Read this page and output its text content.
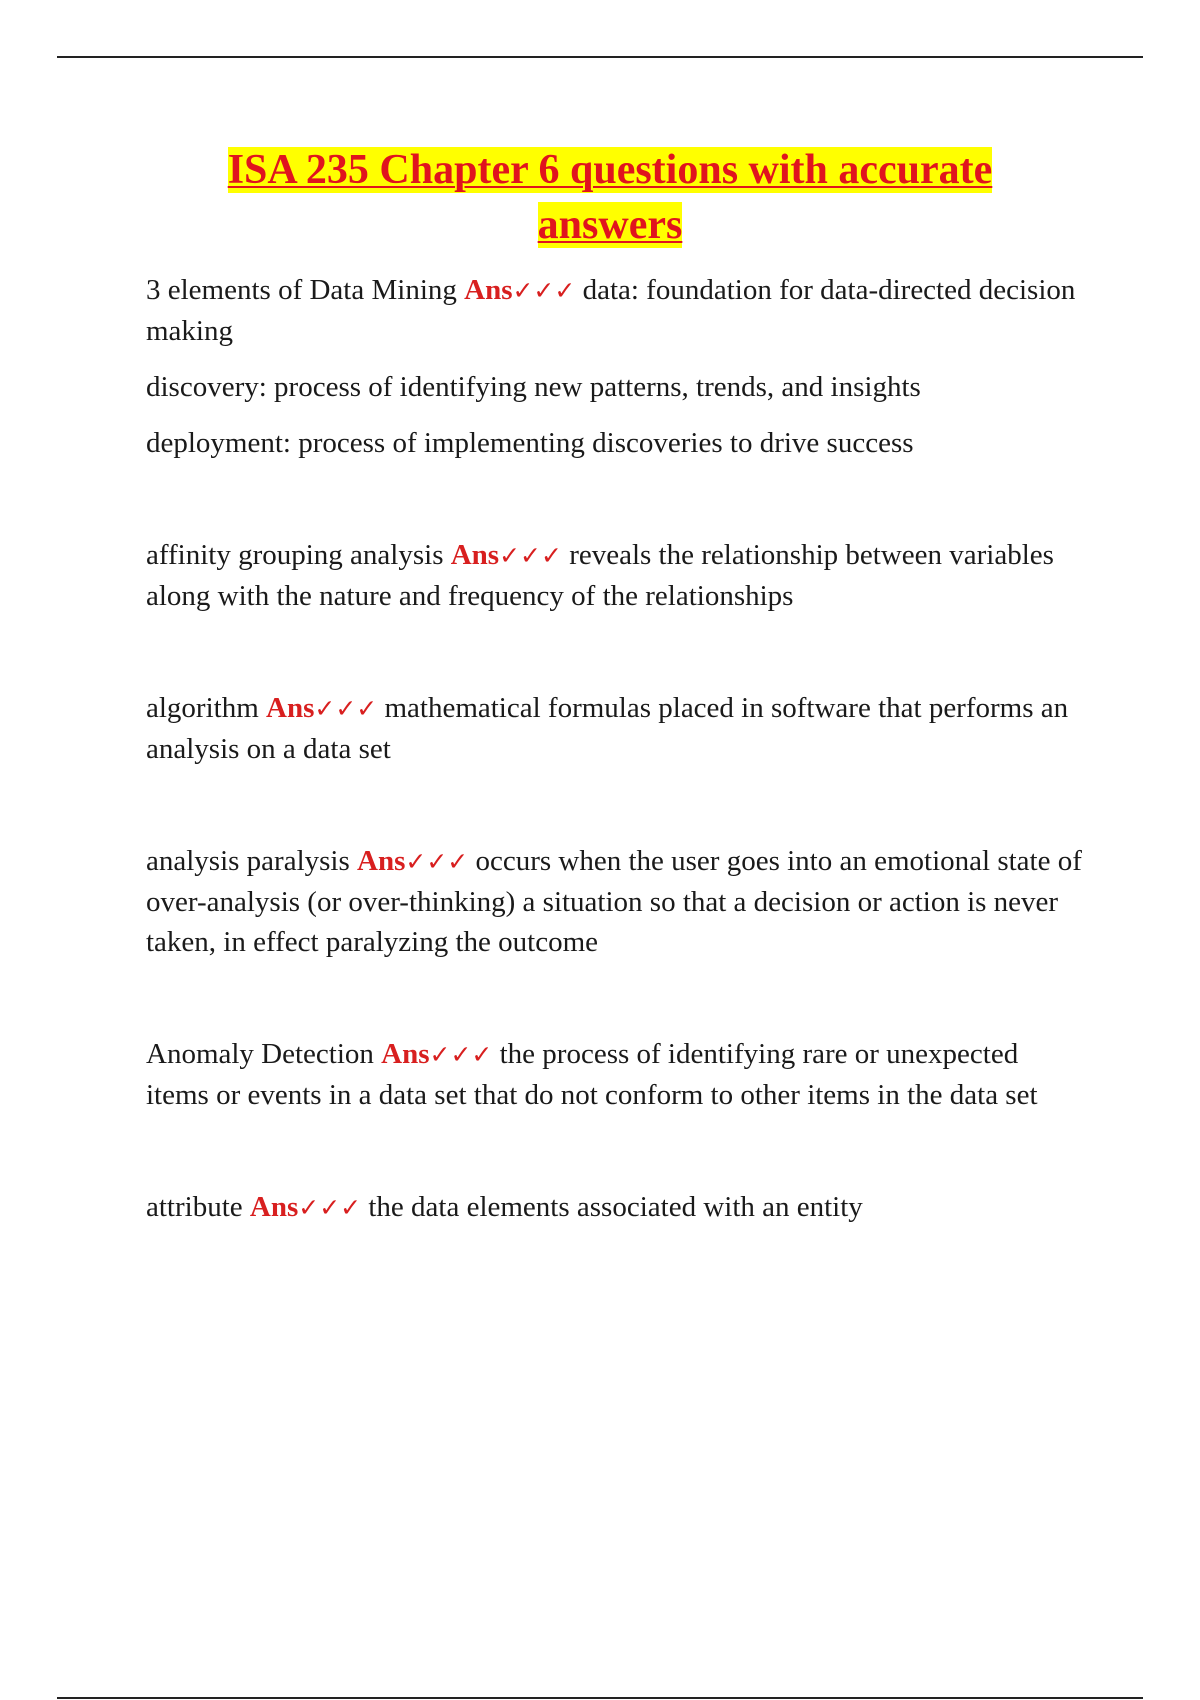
ISA 235 Chapter 6 questions with accurate
answers

3 elements of Data Mining Ans✓✓✓ data: foundation for data-directed decision making

discovery: process of identifying new patterns, trends, and insights

deployment: process of implementing discoveries to drive success

affinity grouping analysis Ans✓✓✓ reveals the relationship between variables along with the nature and frequency of the relationships

algorithm Ans✓✓✓ mathematical formulas placed in software that performs an analysis on a data set

analysis paralysis Ans✓✓✓ occurs when the user goes into an emotional state of over-analysis (or over-thinking) a situation so that a decision or action is never taken, in effect paralyzing the outcome

Anomaly Detection Ans✓✓✓ the process of identifying rare or unexpected items or events in a data set that do not conform to other items in the data set

attribute Ans✓✓✓ the data elements associated with an entity
